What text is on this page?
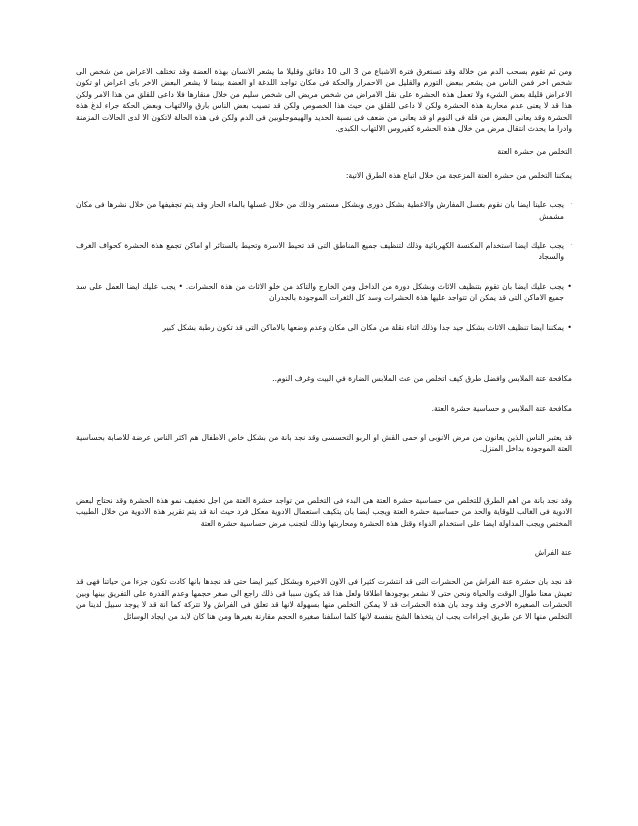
ومن ثم تقوم بسحب الدم من خلالة وقد تستغرق فترة الاشباع من 3 الى 10 دقائق وقليلا ما يشعر الانسان بهذة العضة وقد تختلف الاعراض من شخص الى شخص اخر فمن الناس من يشعر ببعض التورم والقليل من الاحمرار والحكة فى مكان تواجد اللدغة او العضة بينما لا يشعر البعض الاخر باى اعراض او تكون الاعراض قليلة بعض الشيء ولا تعمل هذة الحشرة على نقل الامراض من شخص مريض الى شخص سليم من خلال منقارها فلا داعى للقلق من هذا الامر ولكن هذا قد لا يعنى عدم محاربة هذة الحشرة ولكن لا داعى للقلق من حيث هذا الخصوص ولكن قد تصيب بعض الناس بارق والالتهاب وبعض الحكة جراء لدغ هذة الحشرة وقد يعانى البعض من قلة فى النوم او قد يعانى من ضعف فى نسبة الحديد والهيموجلوبين فى الدم ولكن فى هذة الحالة لاتكون الا لدى الحالات المزمنة وادرا ما يحدث انتقال مرض من خلال هذة الحشرة كفيروس الالتهاب الكبدى.

التخلص من حشرة العتة

يمكننا التخلص من حشرة العتة المزعجة من خلال اتباع هذة الطرق الاتية:

·
يجب علينا ايضا بان نقوم بغسل المفارش والاغطية بشكل دورى وبشكل مستمر وذلك من خلال غسلها بالماء الحار وقد يتم تجفيفها من خلال نشرها فى مكان مشمش
·
يجب عليك ايضا استخدام المكنسة الكهربائية وذلك لتنظيف جميع المناطق التى قد تحيط الاسرة وتحيط بالستائر او اماكن تجمع هذة الحشرة كحواف الغرف والسجاد
•
يجب عليك ايضا بان تقوم بتنظيف الاثاث وبشكل دورة من الداخل ومن الخارج والتاكد من خلو الاثاث من هذة الحشرات. • يجب عليك ايضا العمل على سد جميع الاماكن التى قد يمكن ان تتواجد عليها هذة الحشرات وسد كل الثغرات الموجودة بالجدران
•
يمكننا ايضا تنظيف الاثاث بشكل جيد جدا وذلك اثناء نقلة من مكان الى مكان وعدم وضعها بالاماكن التى قد تكون رطبة بشكل كبير

مكافحة عتة الملابس وافضل طرق كيف اتخلص من عث الملابس الضارة في البيت وغرف النوم..

مكافحة عتة الملابس و حساسية حشرة العتة.

قد يعتبر الناس الذين يعانون من مرض الانوبى او حمى القش او الربو التحسسى وقد نجد بانة من بشكل خاص الاطفال هم اكثر الناس عرضة للاصابة بحساسية العتة الموجودة بداخل المنزل.

وقد نجد بانة من اهم الطرق للتخلص من حساسية حشرة العتة هى البدء فى التخلص من تواجد حشرة العتة من اجل تخفيف نمو هذة الحشرة وقد نحتاج لبعض الادوية فى الغالب للوقاية والحد من حساسية حشرة العتة ويجب ايضا بان يتكيف استعمال الادوية معكل فرد حيث انة قد يتم تقرير هذة الادوية من خلال الطبيب المختص ويجب المداولة ايضا على استخدام الدواء وقتل هذة الحشرة ومحاربتها وذلك لتجنب مرض حساسية حشرة العتة

عتة الفراش

قد نجد بان حشرة عتة الفراش من الحشرات التى قد انتشرت كثيرا فى الاون الاخيرة وبشكل كبير ايضا حتى قد نجدها بانها كادت تكون جزءا من حياتنا فهى قد تعيش معنا طوال الوقت والحياة ونحن حتى لا نشعر بوجودها اطلاقا ولعل هذا قد يكون سببا فى ذلك راجع الى صغر حجمها وعدم القدرة على التفريق بينها وبين الحشرات الصغيرة الاخرى وقد وجد بان هذة الحشرات قد لا يمكن التخلص منها بسهولة لانها قد تعلق فى الفراش ولا تتركة كما انة قد لا يوجد سبيل لدينا من التخلص منها الا عن طريق اجراءات يجب ان يتخذها الشخ بنفسة لانها كلما اسلفنا صغيرة الحجم مقارنة بغيرها ومن هنا كان لابد من ايجاد الوسائل
